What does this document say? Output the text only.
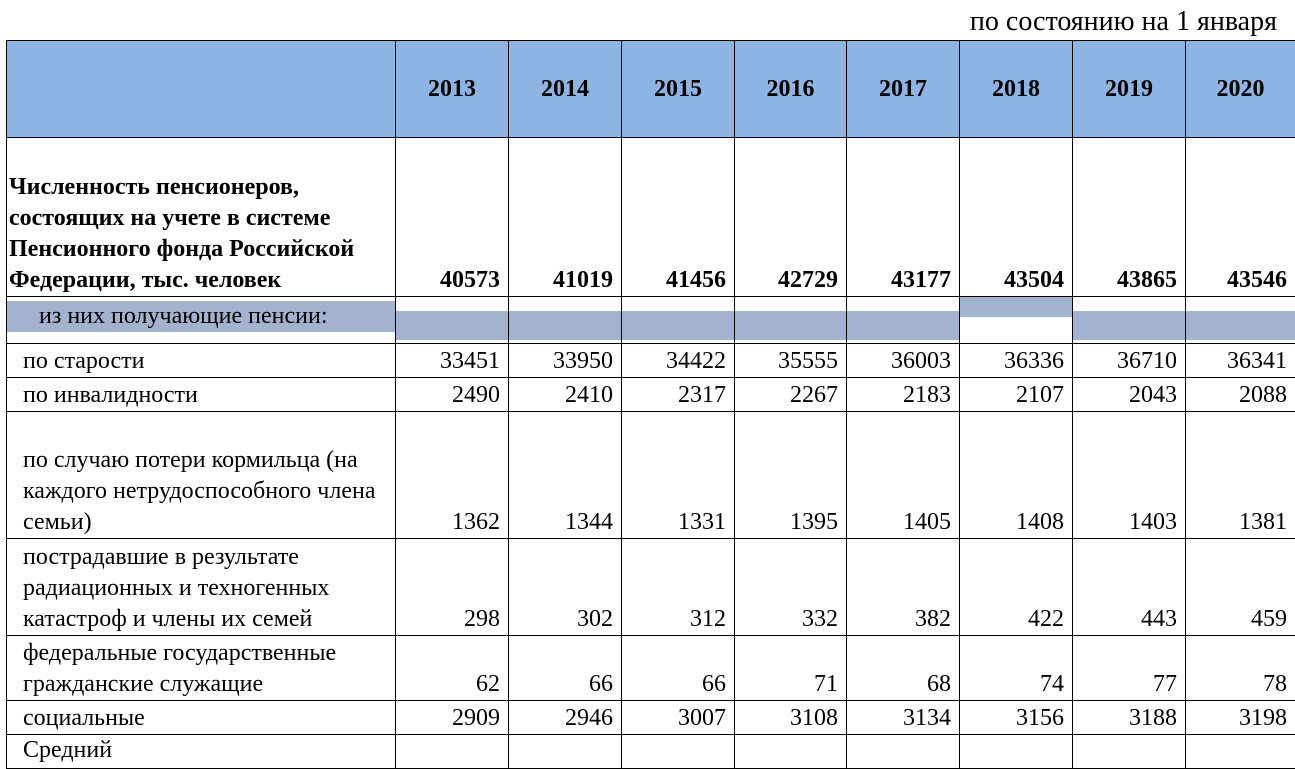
по состоянию на 1 января
	2013	2014	2015	2016	2017	2018	2019	2020
Численность пенсионеров, состоящих на учете в системе Пенсионного фонда Российской Федерации, тыс. человек	40573	41019	41456	42729	43177	43504	43865	43546

из них получающие пенсии:								

по старости	33451	33950	34422	35555	36003	36336	36710	36341
по инвалидности	2490	2410	2317	2267	2183	2107	2043	2088
по случаю потери кормильца (на каждого нетрудоспособного члена семьи)	1362	1344	1331	1395	1405	1408	1403	1381
пострадавшие в результате радиационных и техногенных катастроф и члены их семей	298	302	312	332	382	422	443	459
федеральные государственные гражданские служащие	62	66	66	71	68	74	77	78
социальные	2909	2946	3007	3108	3134	3156	3188	3198
Средний								
